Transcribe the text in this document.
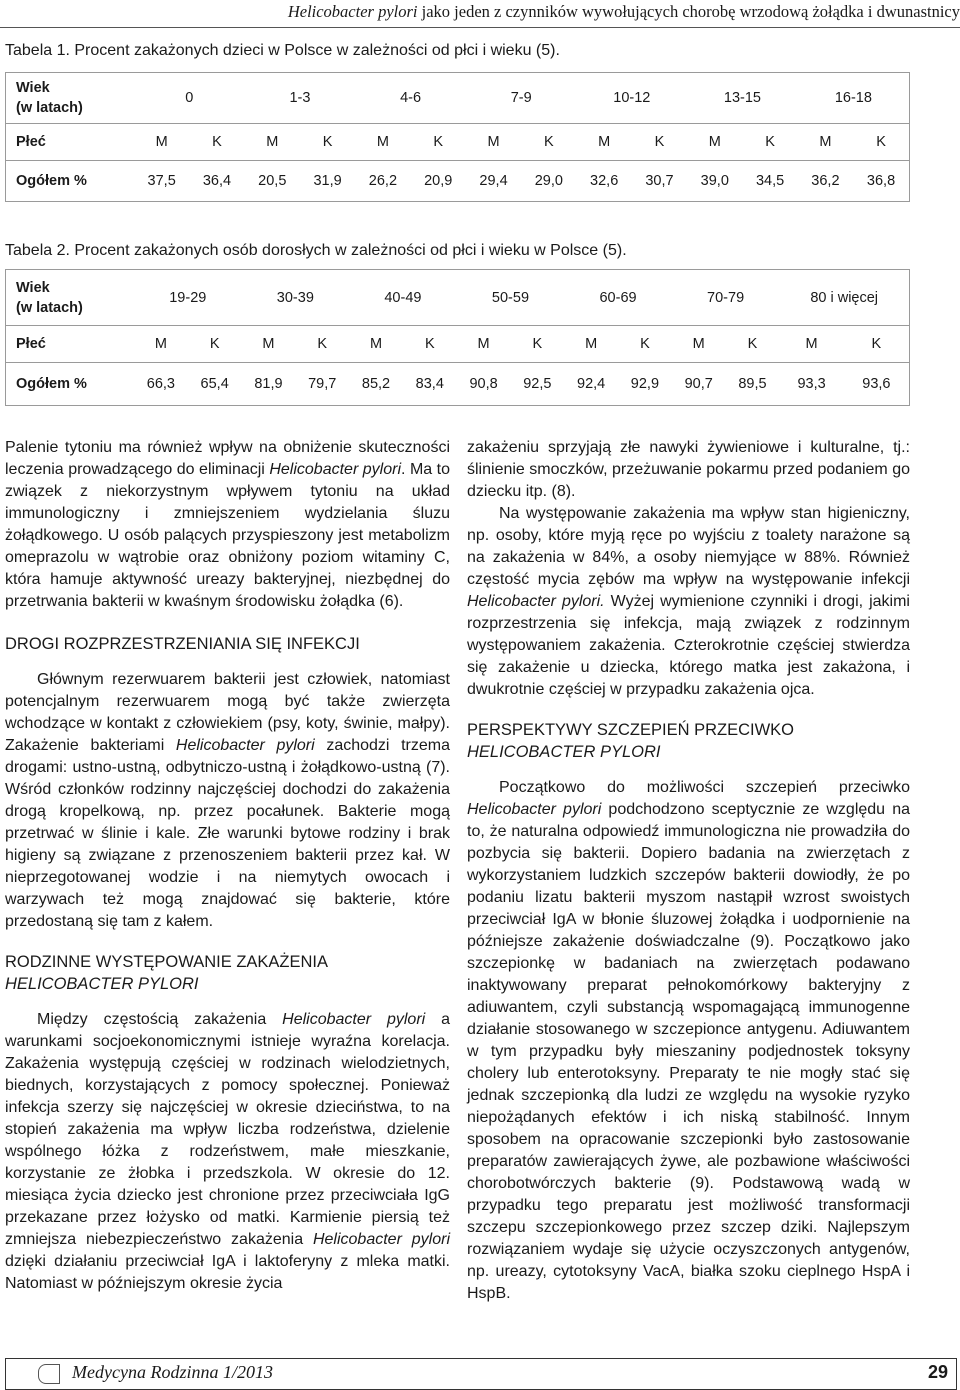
Helicobacter pylori jako jeden z czynników wywołujących chorobę wrzodową żołądka i dwunastnicy
Tabela 1. Procent zakażonych dzieci w Polsce w zależności od płci i wieku (5).
Wiek
(w latach)	0		1-3		4-6		7-9		10-12		13-15		16-18	
Płeć	M	K	M	K	M	K	M	K	M	K	M	K	M	K
Ogółem %	37,5	36,4	20,5	31,9	26,2	20,9	29,4	29,0	32,6	30,7	39,0	34,5	36,2	36,8
Tabela 2. Procent zakażonych osób dorosłych w zależności od płci i wieku w Polsce (5).
Wiek
(w latach)	19-29		30-39		40-49		50-59		60-69		70-79		80 i więcej	
Płeć	M	K	M	K	M	K	M	K	M	K	M	K	M	K
Ogółem %	66,3	65,4	81,9	79,7	85,2	83,4	90,8	92,5	92,4	92,9	90,7	89,5	93,3	93,6

Palenie tytoniu ma również wpływ na obniżenie skuteczności leczenia prowadzącego do eliminacji Helicobacter pylori. Ma to związek z niekorzystnym wpływem tytoniu na układ immunologiczny i zmniejszeniem wydzielania śluzu żołądkowego. U osób palących przyspieszony jest metabolizm omeprazolu w wątrobie oraz obniżony poziom witaminy C, która hamuje aktywność ureazy bakteryjnej, niezbędnej do przetrwania bakterii w kwaśnym środowisku żołądka (6).

DROGI ROZPRZESTRZENIANIA SIĘ INFEKCJI

Głównym rezerwuarem bakterii jest człowiek, natomiast potencjalnym rezerwuarem mogą być także zwierzęta wchodzące w kontakt z człowiekiem (psy, koty, świnie, małpy). Zakażenie bakteriami Helicobacter pylori zachodzi trzema drogami: ustno-ustną, odbytniczo-ustną i żołądkowo-ustną (7). Wśród członków rodzinny najczęściej dochodzi do zakażenia drogą kropelkową, np. przez pocałunek. Bakterie mogą przetrwać w ślinie i kale. Złe warunki bytowe rodziny i brak higieny są związane z przenoszeniem bakterii przez kał. W nieprzegotowanej wodzie i na niemytych owocach i warzywach też mogą znajdować się bakterie, które przedostaną się tam z kałem.

RODZINNE WYSTĘPOWANIE ZAKAŻENIA
HELICOBACTER PYLORI

Między częstością zakażenia Helicobacter pylori a warunkami socjoekonomicznymi istnieje wyraźna korelacja. Zakażenia występują częściej w rodzinach wielodzietnych, biednych, korzystających z pomocy społecznej. Ponieważ infekcja szerzy się najczęściej w okresie dzieciństwa, to na stopień zakażenia ma wpływ liczba rodzeństwa, dzielenie wspólnego łóżka z rodzeństwem, małe mieszkanie, korzystanie ze żłobka i przedszkola. W okresie do 12. miesiąca życia dziecko jest chronione przez przeciwciała IgG przekazane przez łożysko od matki. Karmienie piersią też zmniejsza niebezpieczeństwo zakażenia Helicobacter pylori dzięki działaniu przeciwciał IgA i laktoferyny z mleka matki. Natomiast w późniejszym okresie życia

zakażeniu sprzyjają złe nawyki żywieniowe i kulturalne, tj.: ślinienie smoczków, przeżuwanie pokarmu przed podaniem go dziecku itp. (8).

Na występowanie zakażenia ma wpływ stan higieniczny, np. osoby, które myją ręce po wyjściu z toalety narażone są na zakażenia w 84%, a osoby niemyjące w 88%. Również częstość mycia zębów ma wpływ na występowanie infekcji Helicobacter pylori. Wyżej wymienione czynniki i drogi, jakimi rozprzestrzenia się infekcja, mają związek z rodzinnym występowaniem zakażenia. Czterokrotnie częściej stwierdza się zakażenie u dziecka, którego matka jest zakażona, i dwukrotnie częściej w przypadku zakażenia ojca.

PERSPEKTYWY SZCZEPIEŃ PRZECIWKO
HELICOBACTER PYLORI

Początkowo do możliwości szczepień przeciwko Helicobacter pylori podchodzono sceptycznie ze względu na to, że naturalna odpowiedź immunologiczna nie prowadziła do pozbycia się bakterii. Dopiero badania na zwierzętach z wykorzystaniem ludzkich szczepów bakterii dowiodły, że po podaniu lizatu bakterii myszom nastąpił wzrost swoistych przeciwciał IgA w błonie śluzowej żołądka i uodpornienie na późniejsze zakażenie doświadczalne (9). Początkowo jako szczepionkę w badaniach na zwierzętach podawano inaktywowany preparat pełnokomórkowy bakteryjny z adiuwantem, czyli substancją wspomagającą immunogenne działanie stosowanego w szczepionce antygenu. Adiuwantem w tym przypadku były mieszaniny podjednostek toksyny cholery lub enterotoksyny. Preparaty te nie mogły stać się jednak szczepionką dla ludzi ze względu na wysokie ryzyko niepożądanych efektów i ich niską stabilność. Innym sposobem na opracowanie szczepionki było zastosowanie preparatów zawierających żywe, ale pozbawione właściwości chorobotwórczych bakterie (9). Podstawową wadą w przypadku tego preparatu jest możliwość transformacji szczepu szczepionkowego przez szczep dziki. Najlepszym rozwiązaniem wydaje się użycie oczyszczonych antygenów, np. ureazy, cytotoksyny VacA, białka szoku cieplnego HspA i HspB.

Medycyna Rodzinna 1/2013	29
